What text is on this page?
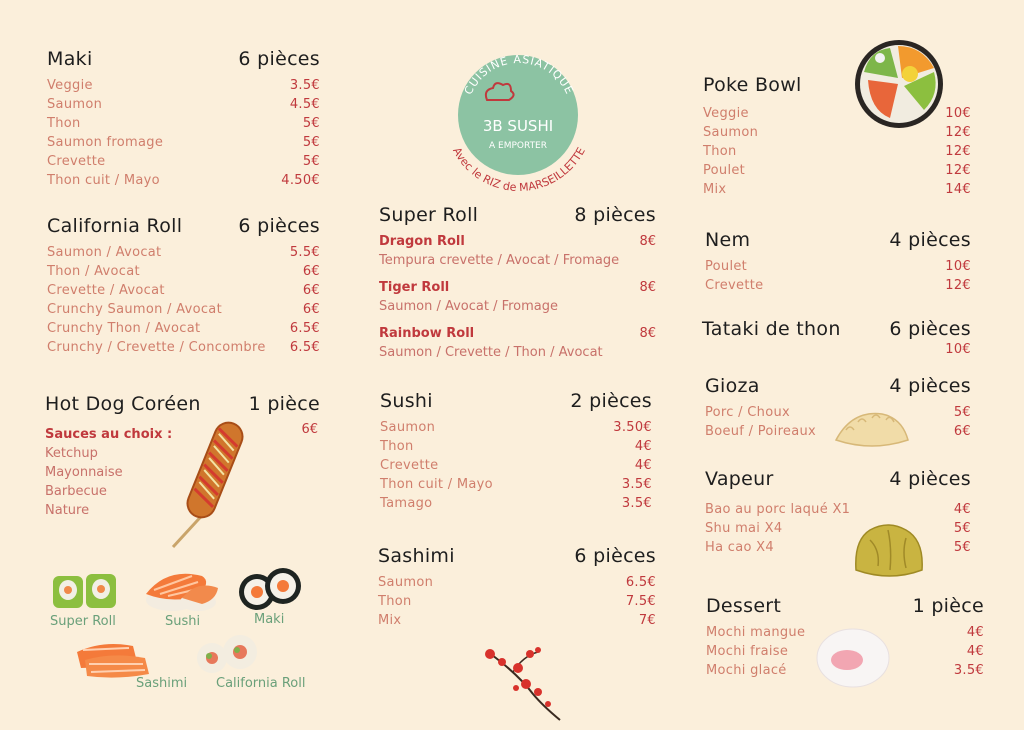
Maki	6 pièces
Veggie	3.5€
Saumon	4.5€
Thon	5€
Saumon fromage	5€
Crevette	5€
Thon cuit / Mayo	4.50€
California Roll	6 pièces
Saumon / Avocat	5.5€
Thon / Avocat	6€
Crevette / Avocat	6€
Crunchy Saumon / Avocat	6€
Crunchy Thon / Avocat	6.5€
Crunchy / Crevette / Concombre 6.5€
Hot Dog Coréen	1 pièce
6€
Sauces au choix :
Ketchup
Mayonnaise
Barbecue
Nature
Super Roll	Sushi	Maki
Sashimi California Roll
CUISINE ASIATIQUE
3B SUSHI
A EMPORTER
Avec le RIZ de MARSEILLETTE
Super Roll	8 pièces
Dragon Roll	8€
Tempura crevette / Avocat / Fromage
Tiger Roll	8€
Saumon / Avocat / Fromage
Rainbow Roll	8€
Saumon / Crevette / Thon / Avocat
Sushi	2 pièces
Saumon	3.50€
Thon	4€
Crevette	4€
Thon cuit / Mayo	3.5€
Tamago	3.5€
Sashimi	6 pièces
Saumon	6.5€
Thon	7.5€
Mix	7€
Poke Bowl
Veggie	10€
Saumon	12€
Thon	12€
Poulet	12€
Mix	14€
Nem	4 pièces
Poulet	10€
Crevette	12€
Tataki de thon	6 pièces
10€
Gioza	4 pièces
Porc / Choux	5€
Boeuf / Poireaux	6€
Vapeur	4 pièces
Bao au porc laqué X1	4€
Shu mai X4	5€
Ha cao X4	5€
Dessert	1 pièce
Mochi mangue	4€
Mochi fraise	4€
Mochi glacé	3.5€
